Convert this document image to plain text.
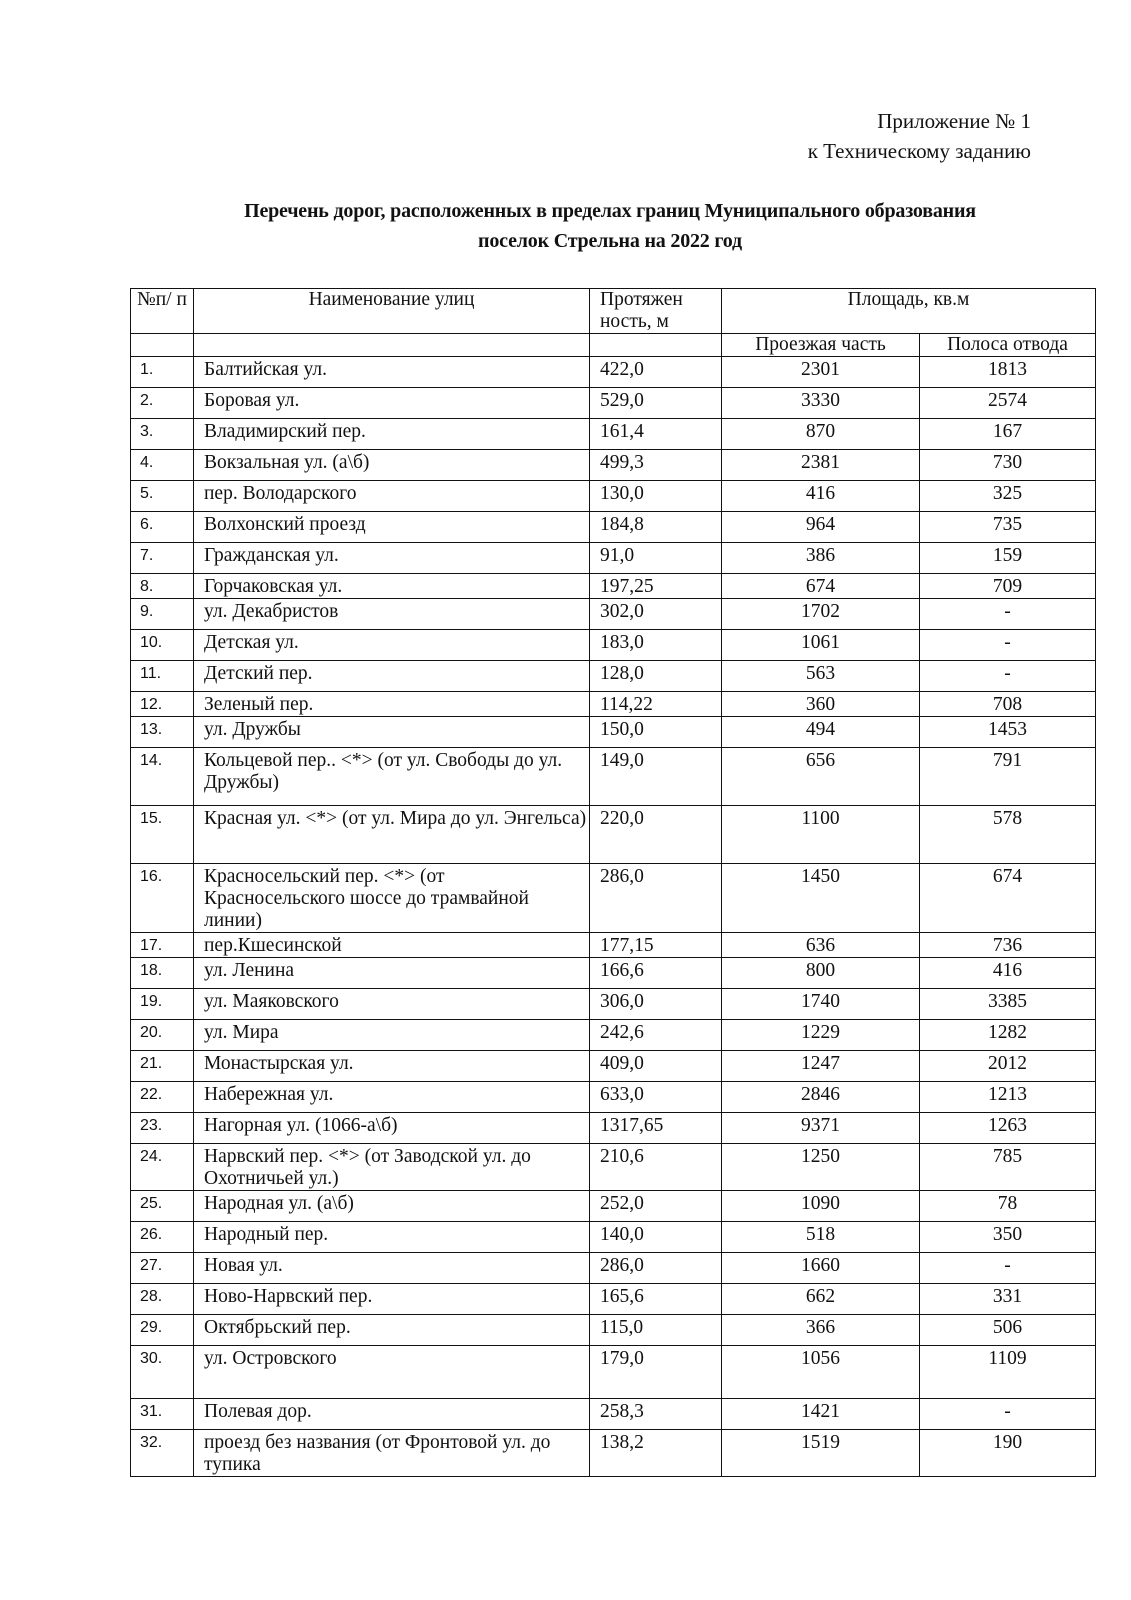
Приложение № 1
к Техническому заданию
Перечень дорог, расположенных в пределах границ Муниципального образования
поселок Стрельна на 2022 год
№п/ п	Наименование улиц	Протяжен ность, м	Площадь, кв.м	
			Проезжая часть	Полоса отвода
1.	Балтийская ул.	422,0	2301	1813
2.	Боровая ул.	529,0	3330	2574
3.	Владимирский пер.	161,4	870	167
4.	Вокзальная ул. (а\б)	499,3	2381	730
5.	пер. Володарского	130,0	416	325
6.	Волхонский проезд	184,8	964	735
7.	Гражданская ул.	91,0	386	159
8.	Горчаковская ул.	197,25	674	709
9.	ул. Декабристов	302,0	1702	-
10.	Детская ул.	183,0	1061	-
11.	Детский пер.	128,0	563	-
12.	Зеленый пер.	114,22	360	708
13.	ул. Дружбы	150,0	494	1453
14.	Кольцевой пер.. <*> (от ул. Свободы до ул. Дружбы)	149,0	656	791
15.	Красная ул. <*> (от ул. Мира до ул. Энгельса)	220,0	1100	578
16.	Красносельский пер. <*> (от Красносельского шоссе до трамвайной линии)	286,0	1450	674
17.	пер.Кшесинской	177,15	636	736
18.	ул. Ленина	166,6	800	416
19.	ул. Маяковского	306,0	1740	3385
20.	ул. Мира	242,6	1229	1282
21.	Монастырская ул.	409,0	1247	2012
22.	Набережная ул.	633,0	2846	1213
23.	Нагорная ул. (1066-а\б)	1317,65	9371	1263
24.	Нарвский пер. <*> (от Заводской ул. до Охотничьей ул.)	210,6	1250	785
25.	Народная ул. (а\б)	252,0	1090	78
26.	Народный пер.	140,0	518	350
27.	Новая ул.	286,0	1660	-
28.	Ново-Нарвский пер.	165,6	662	331
29.	Октябрьский пер.	115,0	366	506
30.	ул. Островского	179,0	1056	1109
31.	Полевая дор.	258,3	1421	-
32.	проезд без названия (от Фронтовой ул. до тупика	138,2	1519	190
